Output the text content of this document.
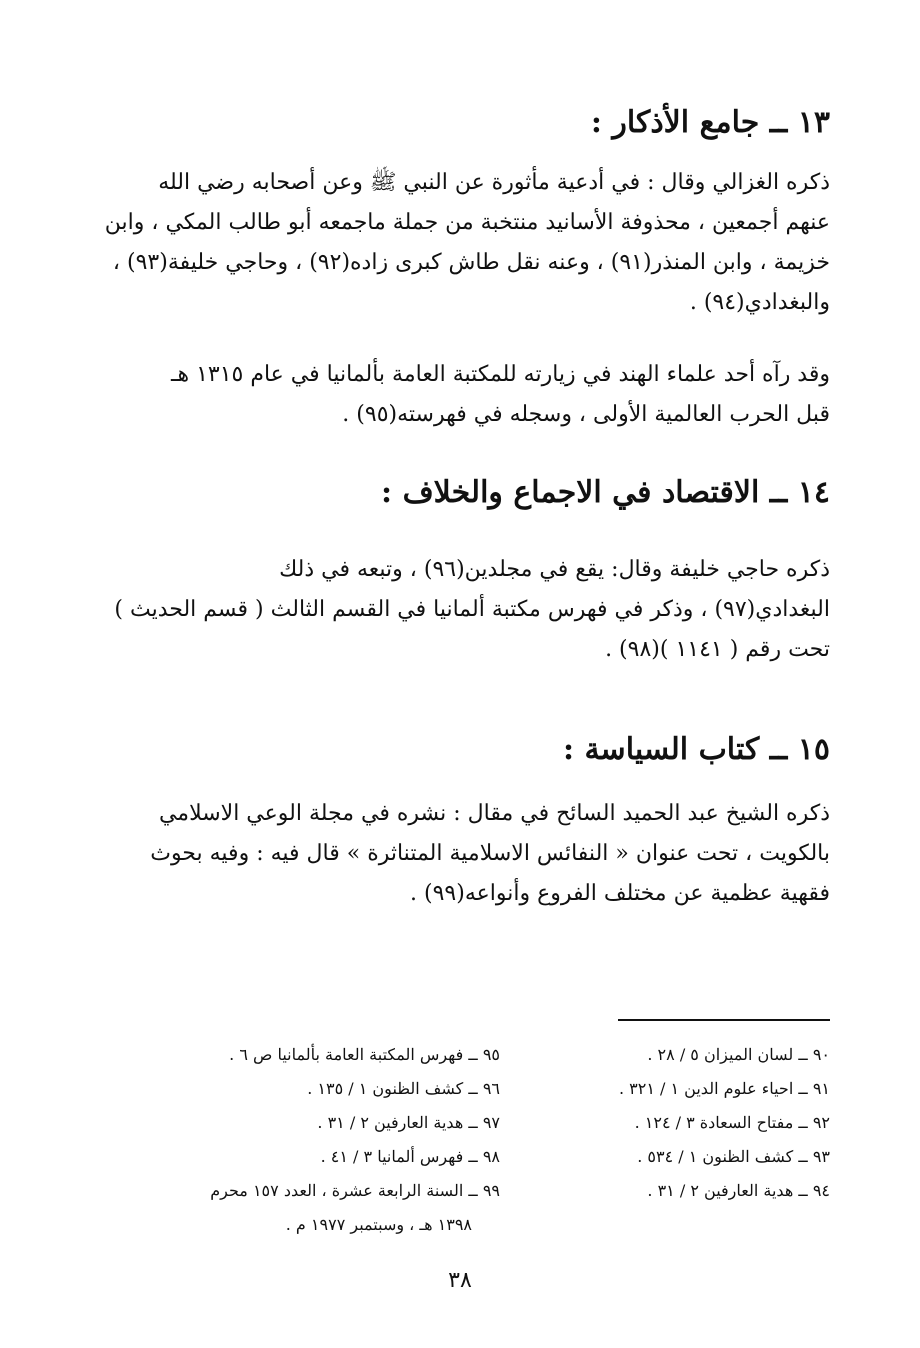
١٣ ــ جامع الأذكار :
ذكره الغزالي وقال : في أدعية مأثورة عن النبي ﷺ وعن أصحابه رضي الله
عنهم أجمعين ، محذوفة الأسانيد منتخبة من جملة ماجمعه أبو طالب المكي ، وابن
خزيمة ، وابن المنذر(٩١) ، وعنه نقل طاش كبرى زاده(٩٢) ، وحاجي خليفة(٩٣) ،
والبغدادي(٩٤) .
وقد رآه أحد علماء الهند في زيارته للمكتبة العامة بألمانيا في عام ١٣١٥ هـ
قبل الحرب العالمية الأولى ، وسجله في فهرسته(٩٥) .
١٤ ــ الاقتصاد في الاجماع والخلاف :
ذكره حاجي خليفة وقال: يقع في مجلدين(٩٦) ، وتبعه في ذلك
البغدادي(٩٧) ، وذكر في فهرس مكتبة ألمانيا في القسم الثالث ( قسم الحديث )
تحت رقم ( ١١٤١ )(٩٨) .
١٥ ــ كتاب السياسة :
ذكره الشيخ عبد الحميد السائح في مقال : نشره في مجلة الوعي الاسلامي
بالكويت ، تحت عنوان « النفائس الاسلامية المتناثرة » قال فيه : وفيه بحوث
فقهية عظمية عن مختلف الفروع وأنواعه(٩٩) .
٩٠ ــ لسان الميزان ٥ / ٢٨ .
٩١ ــ احياء علوم الدين ١ / ٣٢١ .
٩٢ ــ مفتاح السعادة ٣ / ١٢٤ .
٩٣ ــ كشف الظنون ١ / ٥٣٤ .
٩٤ ــ هدية العارفين ٢ / ٣١ .
٩٥ ــ فهرس المكتبة العامة بألمانيا ص ٦ .
٩٦ ــ كشف الظنون ١ / ١٣٥ .
٩٧ ــ هدية العارفين ٢ / ٣١ .
٩٨ ــ فهرس ألمانيا ٣ / ٤١ .
٩٩ ــ السنة الرابعة عشرة ، العدد ١٥٧ محرم
١٣٩٨ هـ ، وسبتمبر ١٩٧٧ م .
٣٨
